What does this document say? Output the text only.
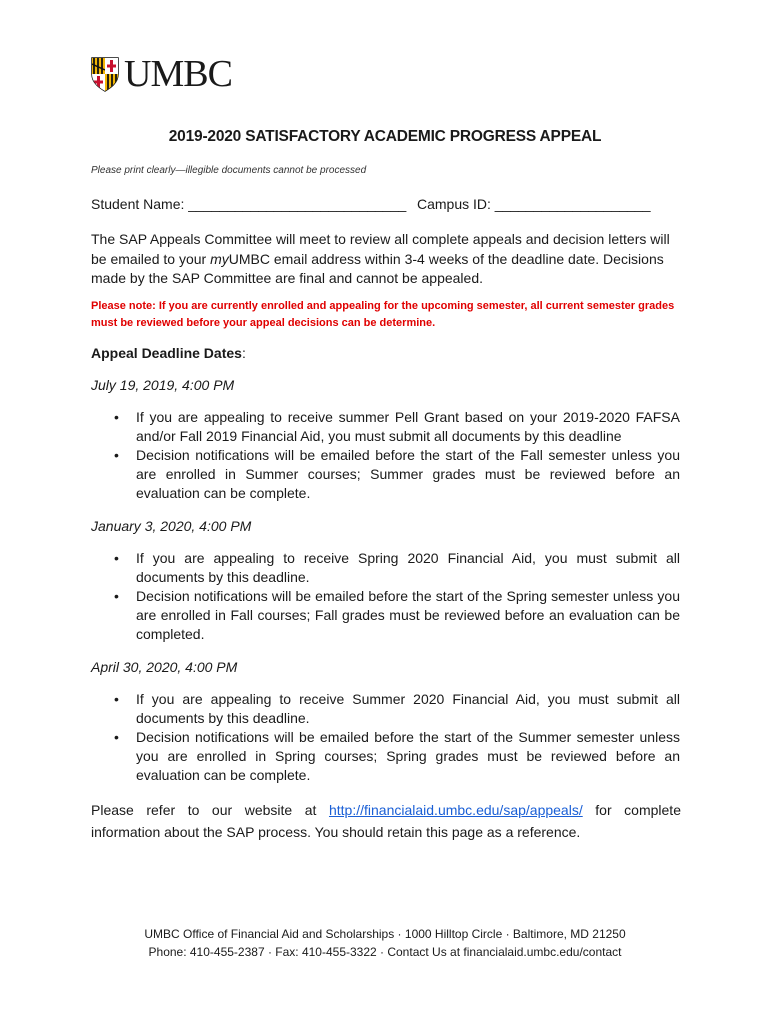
UMBC
2019-2020 SATISFACTORY ACADEMIC PROGRESS APPEAL
Please print clearly—illegible documents cannot be processed
Student Name: ____________________________ Campus ID: ____________________
The SAP Appeals Committee will meet to review all complete appeals and decision letters will be emailed to your myUMBC email address within 3-4 weeks of the deadline date. Decisions made by the SAP Committee are final and cannot be appealed.
Please note: If you are currently enrolled and appealing for the upcoming semester, all current semester grades must be reviewed before your appeal decisions can be determine.
Appeal Deadline Dates:
July 19, 2019, 4:00 PM
• If you are appealing to receive summer Pell Grant based on your 2019-2020 FAFSA and/or Fall 2019 Financial Aid, you must submit all documents by this deadline
• Decision notifications will be emailed before the start of the Fall semester unless you are enrolled in Summer courses; Summer grades must be reviewed before an evaluation can be complete.
January 3, 2020, 4:00 PM
• If you are appealing to receive Spring 2020 Financial Aid, you must submit all documents by this deadline.
• Decision notifications will be emailed before the start of the Spring semester unless you are enrolled in Fall courses; Fall grades must be reviewed before an evaluation can be completed.
April 30, 2020, 4:00 PM
• If you are appealing to receive Summer 2020 Financial Aid, you must submit all documents by this deadline.
• Decision notifications will be emailed before the start of the Summer semester unless you are enrolled in Spring courses; Spring grades must be reviewed before an evaluation can be complete.
Please refer to our website at http://financialaid.umbc.edu/sap/appeals/ for complete information about the SAP process. You should retain this page as a reference.
UMBC Office of Financial Aid and Scholarships · 1000 Hilltop Circle · Baltimore, MD 21250
Phone: 410-455-2387 · Fax: 410-455-3322 · Contact Us at financialaid.umbc.edu/contact
